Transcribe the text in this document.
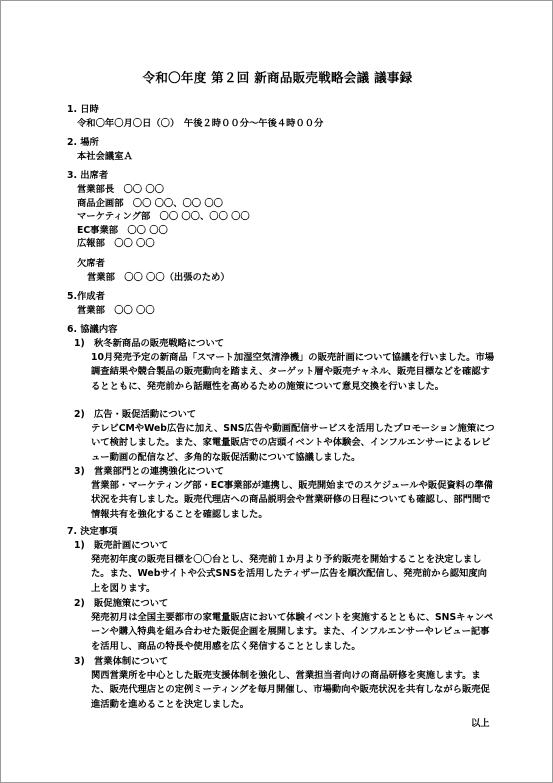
令和〇年度 第２回 新商品販売戦略会議 議事録
1. 日時
令和〇年〇月〇日（〇）　午後２時００分～午後４時００分
2. 場所
本社会議室Ａ
3. 出席者
営業部長　〇〇 〇〇
商品企画部　〇〇 〇〇、〇〇 〇〇
マーケティング部　〇〇 〇〇、〇〇 〇〇
EC事業部　〇〇 〇〇
広報部　〇〇 〇〇
欠席者
営業部　〇〇 〇〇（出張のため）
5.作成者
営業部　〇〇 〇〇
6. 協議内容
1)　秋冬新商品の販売戦略について
10月発売予定の新商品「スマート加湿空気清浄機」の販売計画について協議を行いました。市場調査結果や競合製品の販売動向を踏まえ、ターゲット層や販売チャネル、販売目標などを確認するとともに、発売前から話題性を高めるための施策について意見交換を行いました。
2)　広告・販促活動について
テレビCMやWeb広告に加え、SNS広告や動画配信サービスを活用したプロモーション施策について検討しました。また、家電量販店での店頭イベントや体験会、インフルエンサーによるレビュー動画の配信など、多角的な販促活動について協議しました。
3)　営業部門との連携強化について
営業部・マーケティング部・EC事業部が連携し、販売開始までのスケジュールや販促資料の準備状況を共有しました。販売代理店への商品説明会や営業研修の日程についても確認し、部門間で情報共有を強化することを確認しました。
7. 決定事項
1)　販売計画について
発売初年度の販売目標を〇〇台とし、発売前１か月より予約販売を開始することを決定しました。また、Webサイトや公式SNSを活用したティザー広告を順次配信し、発売前から認知度向上を図ります。
2)　販促施策について
発売初月は全国主要都市の家電量販店において体験イベントを実施するとともに、SNSキャンペーンや購入特典を組み合わせた販促企画を展開します。また、インフルエンサーやレビュー記事を活用し、商品の特長や使用感を広く発信することとしました。
3)　営業体制について
関西営業所を中心とした販売支援体制を強化し、営業担当者向けの商品研修を実施します。また、販売代理店との定例ミーティングを毎月開催し、市場動向や販売状況を共有しながら販売促進活動を進めることを決定しました。
以上
